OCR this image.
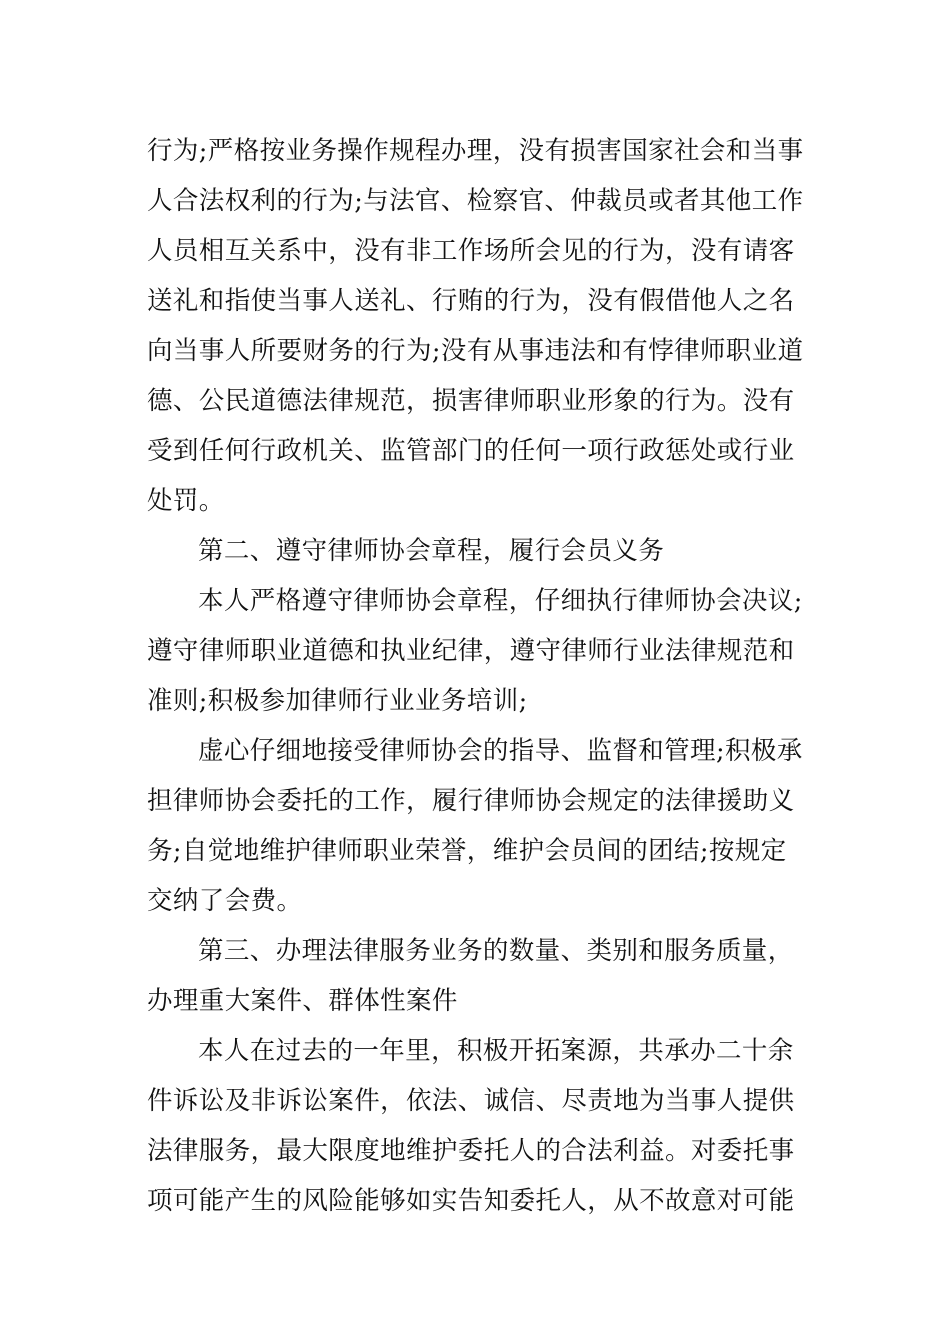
行为;严格按业务操作规程办理，没有损害国家社会和当事
人合法权利的行为;与法官、检察官、仲裁员或者其他工作
人员相互关系中，没有非工作场所会见的行为，没有请客
送礼和指使当事人送礼、行贿的行为，没有假借他人之名
向当事人所要财务的行为;没有从事违法和有悖律师职业道
德、公民道德法律规范，损害律师职业形象的行为。没有
受到任何行政机关、监管部门的任何一项行政惩处或行业
处罚。
第二、遵守律师协会章程，履行会员义务
本人严格遵守律师协会章程，仔细执行律师协会决议;
遵守律师职业道德和执业纪律，遵守律师行业法律规范和
准则;积极参加律师行业业务培训;
虚心仔细地接受律师协会的指导、监督和管理;积极承
担律师协会委托的工作，履行律师协会规定的法律援助义
务;自觉地维护律师职业荣誉，维护会员间的团结;按规定
交纳了会费。
第三、办理法律服务业务的数量、类别和服务质量，
办理重大案件、群体性案件
本人在过去的一年里，积极开拓案源，共承办二十余
件诉讼及非诉讼案件，依法、诚信、尽责地为当事人提供
法律服务，最大限度地维护委托人的合法利益。对委托事
项可能产生的风险能够如实告知委托人，从不故意对可能
